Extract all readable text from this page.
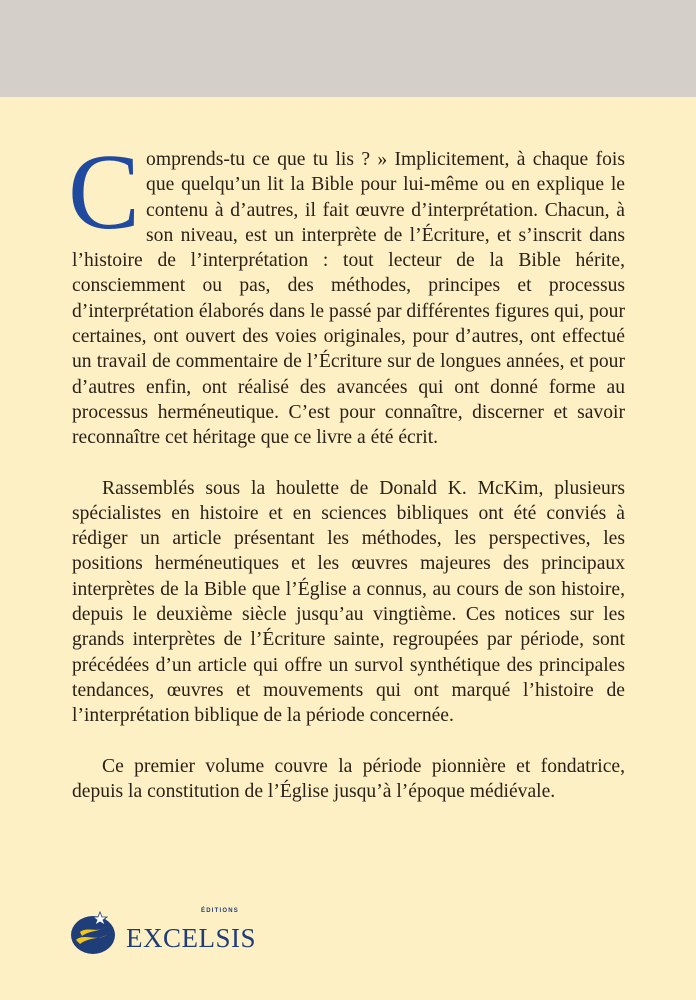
Comprends-tu ce que tu lis ? » Implicitement, à chaque fois que quelqu’un lit la Bible pour lui-même ou en explique le contenu à d’autres, il fait œuvre d’interprétation. Chacun, à son niveau, est un interprète de l’Écriture, et s’inscrit dans l’histoire de l’interprétation : tout lecteur de la Bible hérite, consciemment ou pas, des méthodes, principes et processus d’interprétation élaborés dans le passé par différentes figures qui, pour certaines, ont ouvert des voies originales, pour d’autres, ont effectué un travail de commentaire de l’Écriture sur de longues années, et pour d’autres enfin, ont réalisé des avancées qui ont donné forme au processus herméneutique. C’est pour connaître, discerner et savoir reconnaître cet héritage que ce livre a été écrit.

Rassemblés sous la houlette de Donald K. McKim, plusieurs spécialistes en histoire et en sciences bibliques ont été conviés à rédiger un article présentant les méthodes, les perspectives, les positions herméneutiques et les œuvres majeures des principaux interprètes de la Bible que l’Église a connus, au cours de son histoire, depuis le deuxième siècle jusqu’au vingtième. Ces notices sur les grands interprètes de l’Écriture sainte, regroupées par période, sont précédées d’un article qui offre un survol synthétique des principales tendances, œuvres et mouvements qui ont marqué l’histoire de l’interprétation biblique de la période concernée.

Ce premier volume couvre la période pionnière et fondatrice, depuis la constitution de l’Église jusqu’à l’époque médiévale.

ÉDITIONS
EXCELSIS
